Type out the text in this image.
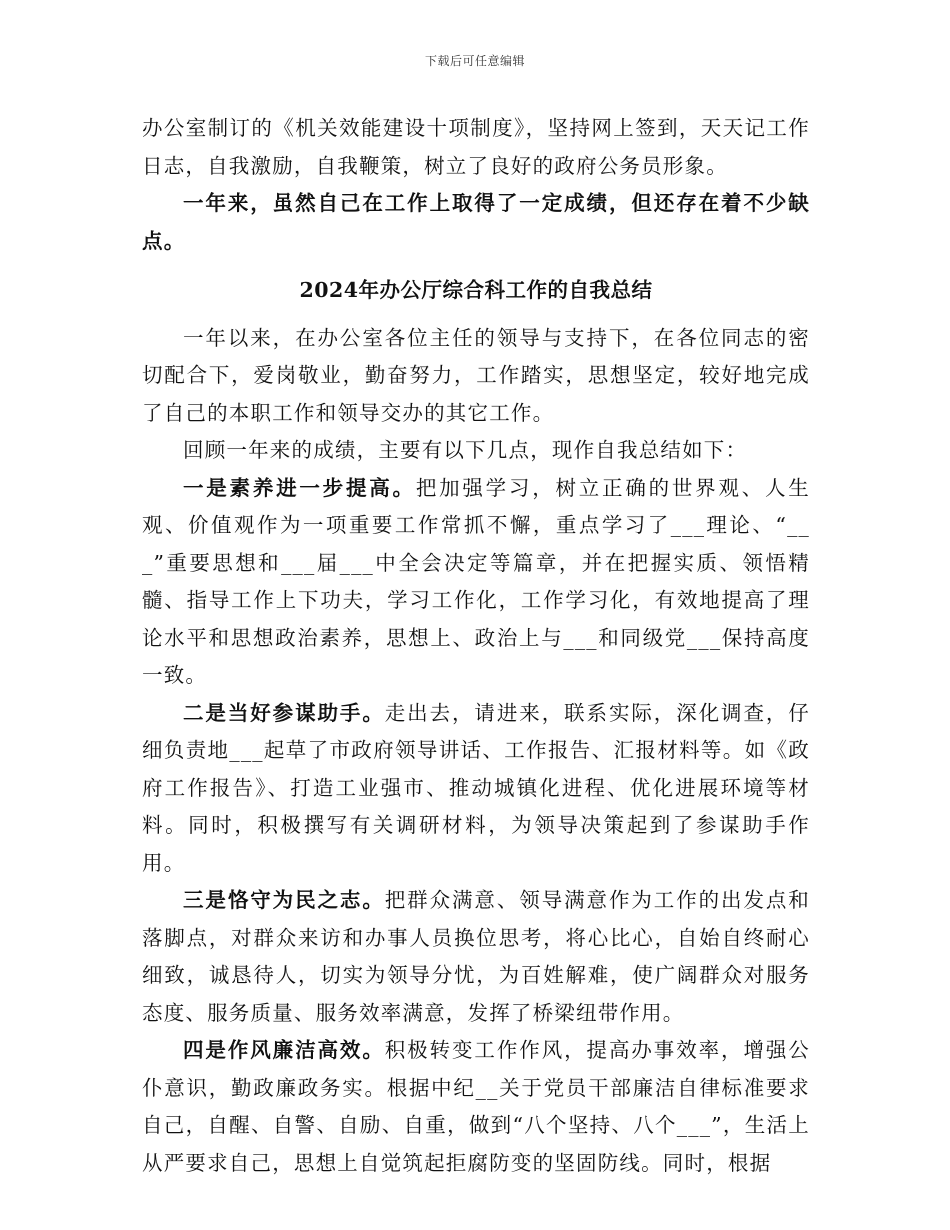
下载后可任意编辑

办公室制订的《机关效能建设十项制度》，坚持网上签到，天天记工作日志，自我激励，自我鞭策，树立了良好的政府公务员形象。

一年来，虽然自己在工作上取得了一定成绩，但还存在着不少缺点。

2024年办公厅综合科工作的自我总结

一年以来，在办公室各位主任的领导与支持下，在各位同志的密切配合下，爱岗敬业，勤奋努力，工作踏实，思想坚定，较好地完成了自己的本职工作和领导交办的其它工作。

回顾一年来的成绩，主要有以下几点，现作自我总结如下：

一是素养进一步提高。把加强学习，树立正确的世界观、人生观、价值观作为一项重要工作常抓不懈，重点学习了___理论、“___”重要思想和___届___中全会决定等篇章，并在把握实质、领悟精髓、指导工作上下功夫，学习工作化，工作学习化，有效地提高了理论水平和思想政治素养，思想上、政治上与___和同级党___保持高度一致。

二是当好参谋助手。走出去，请进来，联系实际，深化调查，仔细负责地___起草了市政府领导讲话、工作报告、汇报材料等。如《政府工作报告》、打造工业强市、推动城镇化进程、优化进展环境等材料。同时，积极撰写有关调研材料，为领导决策起到了参谋助手作用。

三是恪守为民之志。把群众满意、领导满意作为工作的出发点和落脚点，对群众来访和办事人员换位思考，将心比心，自始自终耐心细致，诚恳待人，切实为领导分忧，为百姓解难，使广阔群众对服务态度、服务质量、服务效率满意，发挥了桥梁纽带作用。

四是作风廉洁高效。积极转变工作作风，提高办事效率，增强公仆意识，勤政廉政务实。根据中纪__关于党员干部廉洁自律标准要求自己，自醒、自警、自励、自重，做到“八个坚持、八个___”，生活上从严要求自己，思想上自觉筑起拒腐防变的坚固防线。同时，根据
